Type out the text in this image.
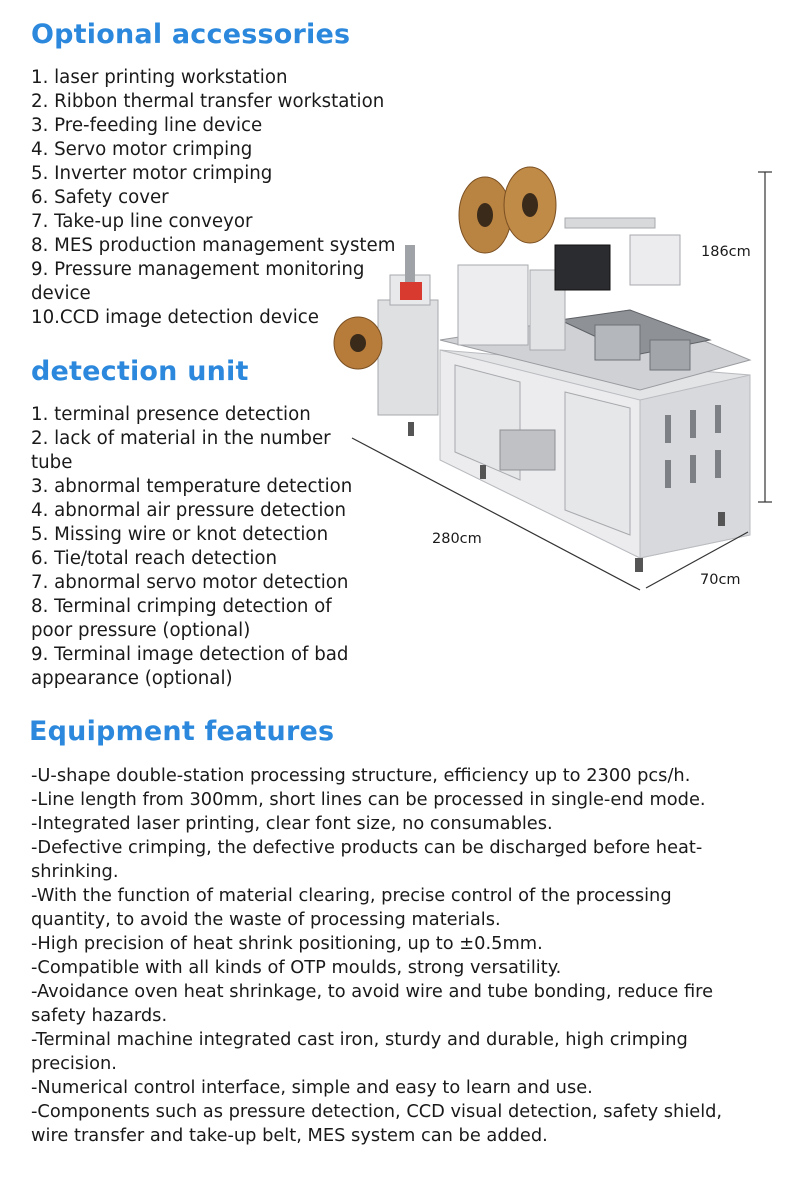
Optional accessories
1. laser printing workstation
2. Ribbon thermal transfer workstation
3. Pre-feeding line device
4. Servo motor crimping
5. Inverter motor crimping
6. Safety cover
7. Take-up line conveyor
8. MES production management system
9. Pressure management monitoring device
10.CCD image detection device
detection unit
1. terminal presence detection
2. lack of material in the number tube
3. abnormal temperature detection
4. abnormal air pressure detection
5. Missing wire or knot detection
6. Tie/total reach detection
7. abnormal servo motor detection
8. Terminal crimping detection of poor pressure (optional)
9. Terminal image detection of bad appearance (optional)
186cm
280cm
70cm
Equipment features
-U-shape double-station processing structure, efficiency up to 2300 pcs/h.
-Line length from 300mm, short lines can be processed in single-end mode.
-Integrated laser printing, clear font size, no consumables.
-Defective crimping, the defective products can be discharged before heat-shrinking.
-With the function of material clearing, precise control of the processing quantity, to avoid the waste of processing materials.
-High precision of heat shrink positioning, up to ±0.5mm.
-Compatible with all kinds of OTP moulds, strong versatility.
-Avoidance oven heat shrinkage, to avoid wire and tube bonding, reduce fire safety hazards.
-Terminal machine integrated cast iron, sturdy and durable, high crimping precision.
-Numerical control interface, simple and easy to learn and use.
-Components such as pressure detection, CCD visual detection, safety shield, wire transfer and take-up belt, MES system can be added.
